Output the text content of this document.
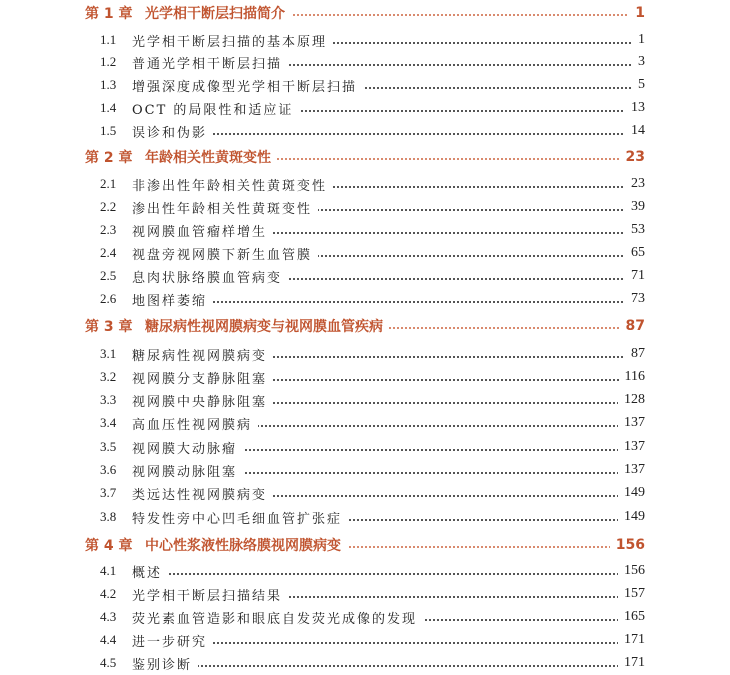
第 1 章 光学相干断层扫描简介	1
1.1 光学相干断层扫描的基本原理	1
1.2 普通光学相干断层扫描	3
1.3 增强深度成像型光学相干断层扫描	5
1.4 OCT 的局限性和适应证	13
1.5 误诊和伪影	14
第 2 章 年龄相关性黄斑变性	23
2.1 非渗出性年龄相关性黄斑变性	23
2.2 渗出性年龄相关性黄斑变性	39
2.3 视网膜血管瘤样增生	53
2.4 视盘旁视网膜下新生血管膜	65
2.5 息肉状脉络膜血管病变	71
2.6 地图样萎缩	73
第 3 章 糖尿病性视网膜病变与视网膜血管疾病	87
3.1 糖尿病性视网膜病变	87
3.2 视网膜分支静脉阻塞	116
3.3 视网膜中央静脉阻塞	128
3.4 高血压性视网膜病	137
3.5 视网膜大动脉瘤	137
3.6 视网膜动脉阻塞	137
3.7 类远达性视网膜病变	149
3.8 特发性旁中心凹毛细血管扩张症	149
第 4 章 中心性浆液性脉络膜视网膜病变	156
4.1 概述	156
4.2 光学相干断层扫描结果	157
4.3 荧光素血管造影和眼底自发荧光成像的发现	165
4.4 进一步研究	171
4.5 鉴别诊断	171
